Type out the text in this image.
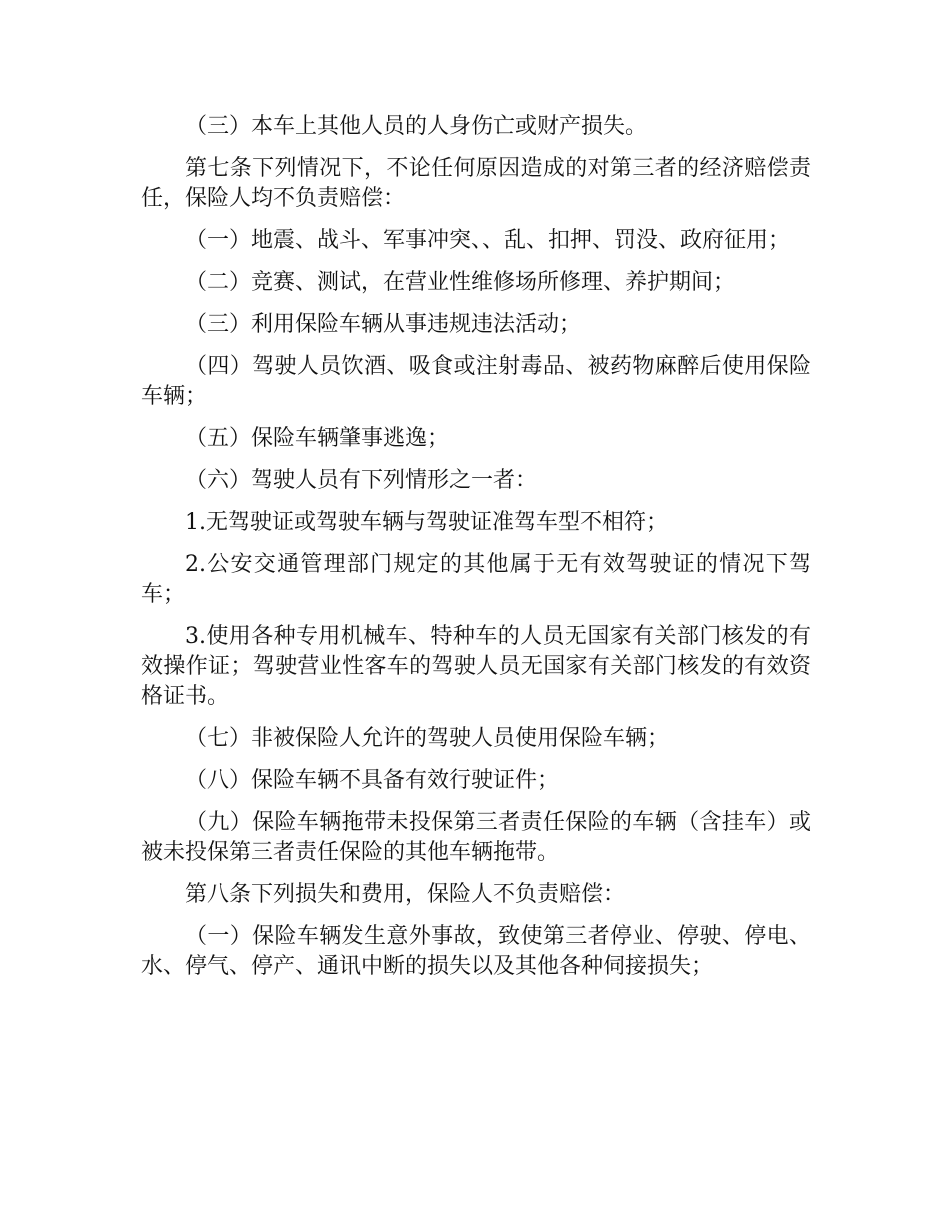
（三）本车上其他人员的人身伤亡或财产损失。

第七条下列情况下，不论任何原因造成的对第三者的经济赔偿责任，保险人均不负责赔偿：

（一）地震、战斗、军事冲突、、乱、扣押、罚没、政府征用；

（二）竞赛、测试，在营业性维修场所修理、养护期间；

（三）利用保险车辆从事违规违法活动；

（四）驾驶人员饮酒、吸食或注射毒品、被药物麻醉后使用保险车辆；

（五）保险车辆肇事逃逸；

（六）驾驶人员有下列情形之一者：

1.无驾驶证或驾驶车辆与驾驶证准驾车型不相符；

2.公安交通管理部门规定的其他属于无有效驾驶证的情况下驾车；

3.使用各种专用机械车、特种车的人员无国家有关部门核发的有效操作证；驾驶营业性客车的驾驶人员无国家有关部门核发的有效资格证书。

（七）非被保险人允许的驾驶人员使用保险车辆；

（八）保险车辆不具备有效行驶证件；

（九）保险车辆拖带未投保第三者责任保险的车辆（含挂车）或被未投保第三者责任保险的其他车辆拖带。

第八条下列损失和费用，保险人不负责赔偿：

（一）保险车辆发生意外事故，致使第三者停业、停驶、停电、水、停气、停产、通讯中断的损失以及其他各种伺接损失；
